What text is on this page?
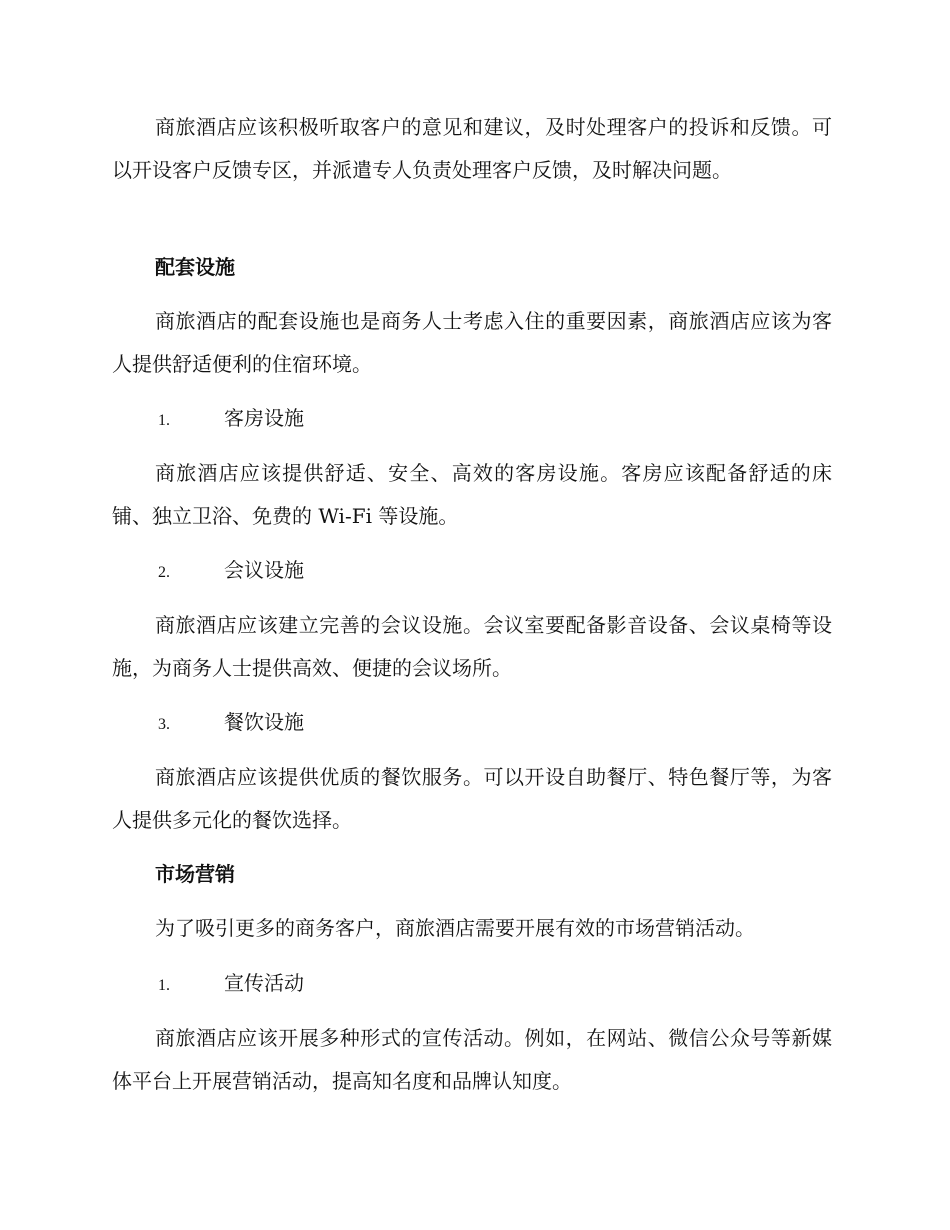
商旅酒店应该积极听取客户的意见和建议，及时处理客户的投诉和反馈。可以开设客户反馈专区，并派遣专人负责处理客户反馈，及时解决问题。

配套设施

商旅酒店的配套设施也是商务人士考虑入住的重要因素，商旅酒店应该为客人提供舒适便利的住宿环境。

1.	客房设施

商旅酒店应该提供舒适、安全、高效的客房设施。客房应该配备舒适的床铺、独立卫浴、免费的 Wi-Fi 等设施。

2.	会议设施

商旅酒店应该建立完善的会议设施。会议室要配备影音设备、会议桌椅等设施，为商务人士提供高效、便捷的会议场所。

3.	餐饮设施

商旅酒店应该提供优质的餐饮服务。可以开设自助餐厅、特色餐厅等，为客人提供多元化的餐饮选择。

市场营销

为了吸引更多的商务客户，商旅酒店需要开展有效的市场营销活动。

1.	宣传活动

商旅酒店应该开展多种形式的宣传活动。例如，在网站、微信公众号等新媒体平台上开展营销活动，提高知名度和品牌认知度。
